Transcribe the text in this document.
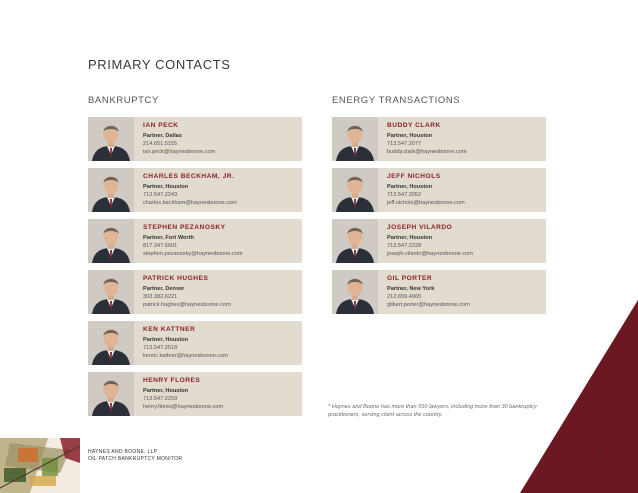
PRIMARY CONTACTS
BANKRUPTCY	ENERGY TRANSACTIONS
IAN PECK
Partner, Dallas
214.651.5155
ian.peck@haynesboone.com
CHARLES BECKHAM, JR.
Partner, Houston
713.547.2243
charles.beckham@haynesboone.com
STEPHEN PEZANOSKY
Partner, Fort Worth
817.347.6601
stephen.pezanosky@haynesboone.com
PATRICK HUGHES
Partner, Denver
303.382.6221
patrick.hughes@haynesboone.com
KEN KATTNER
Partner, Houston
713.547.2518
kenric.kattner@haynesboone.com
HENRY FLORES
Partner, Houston
713.547.2259
henry.flores@haynesboone.com
BUDDY CLARK
Partner, Houston
713.547.2077
buddy.clark@haynesboone.com
JEFF NICHOLS
Partner, Houston
713.547.2052
jeff.nichols@haynesboone.com
JOSEPH VILARDO
Partner, Houston
713.547.2228
joseph.vilardo@haynesboone.com
GIL PORTER
Partner, New York
212.659.4965
gilbert.porter@haynesboone.com
* Haynes and Boone has more than 550 lawyers, including more than 30 bankruptcy practitioners, serving client across the country.
HAYNES AND BOONE, LLP
OIL PATCH BANKRUPTCY MONITOR
7
